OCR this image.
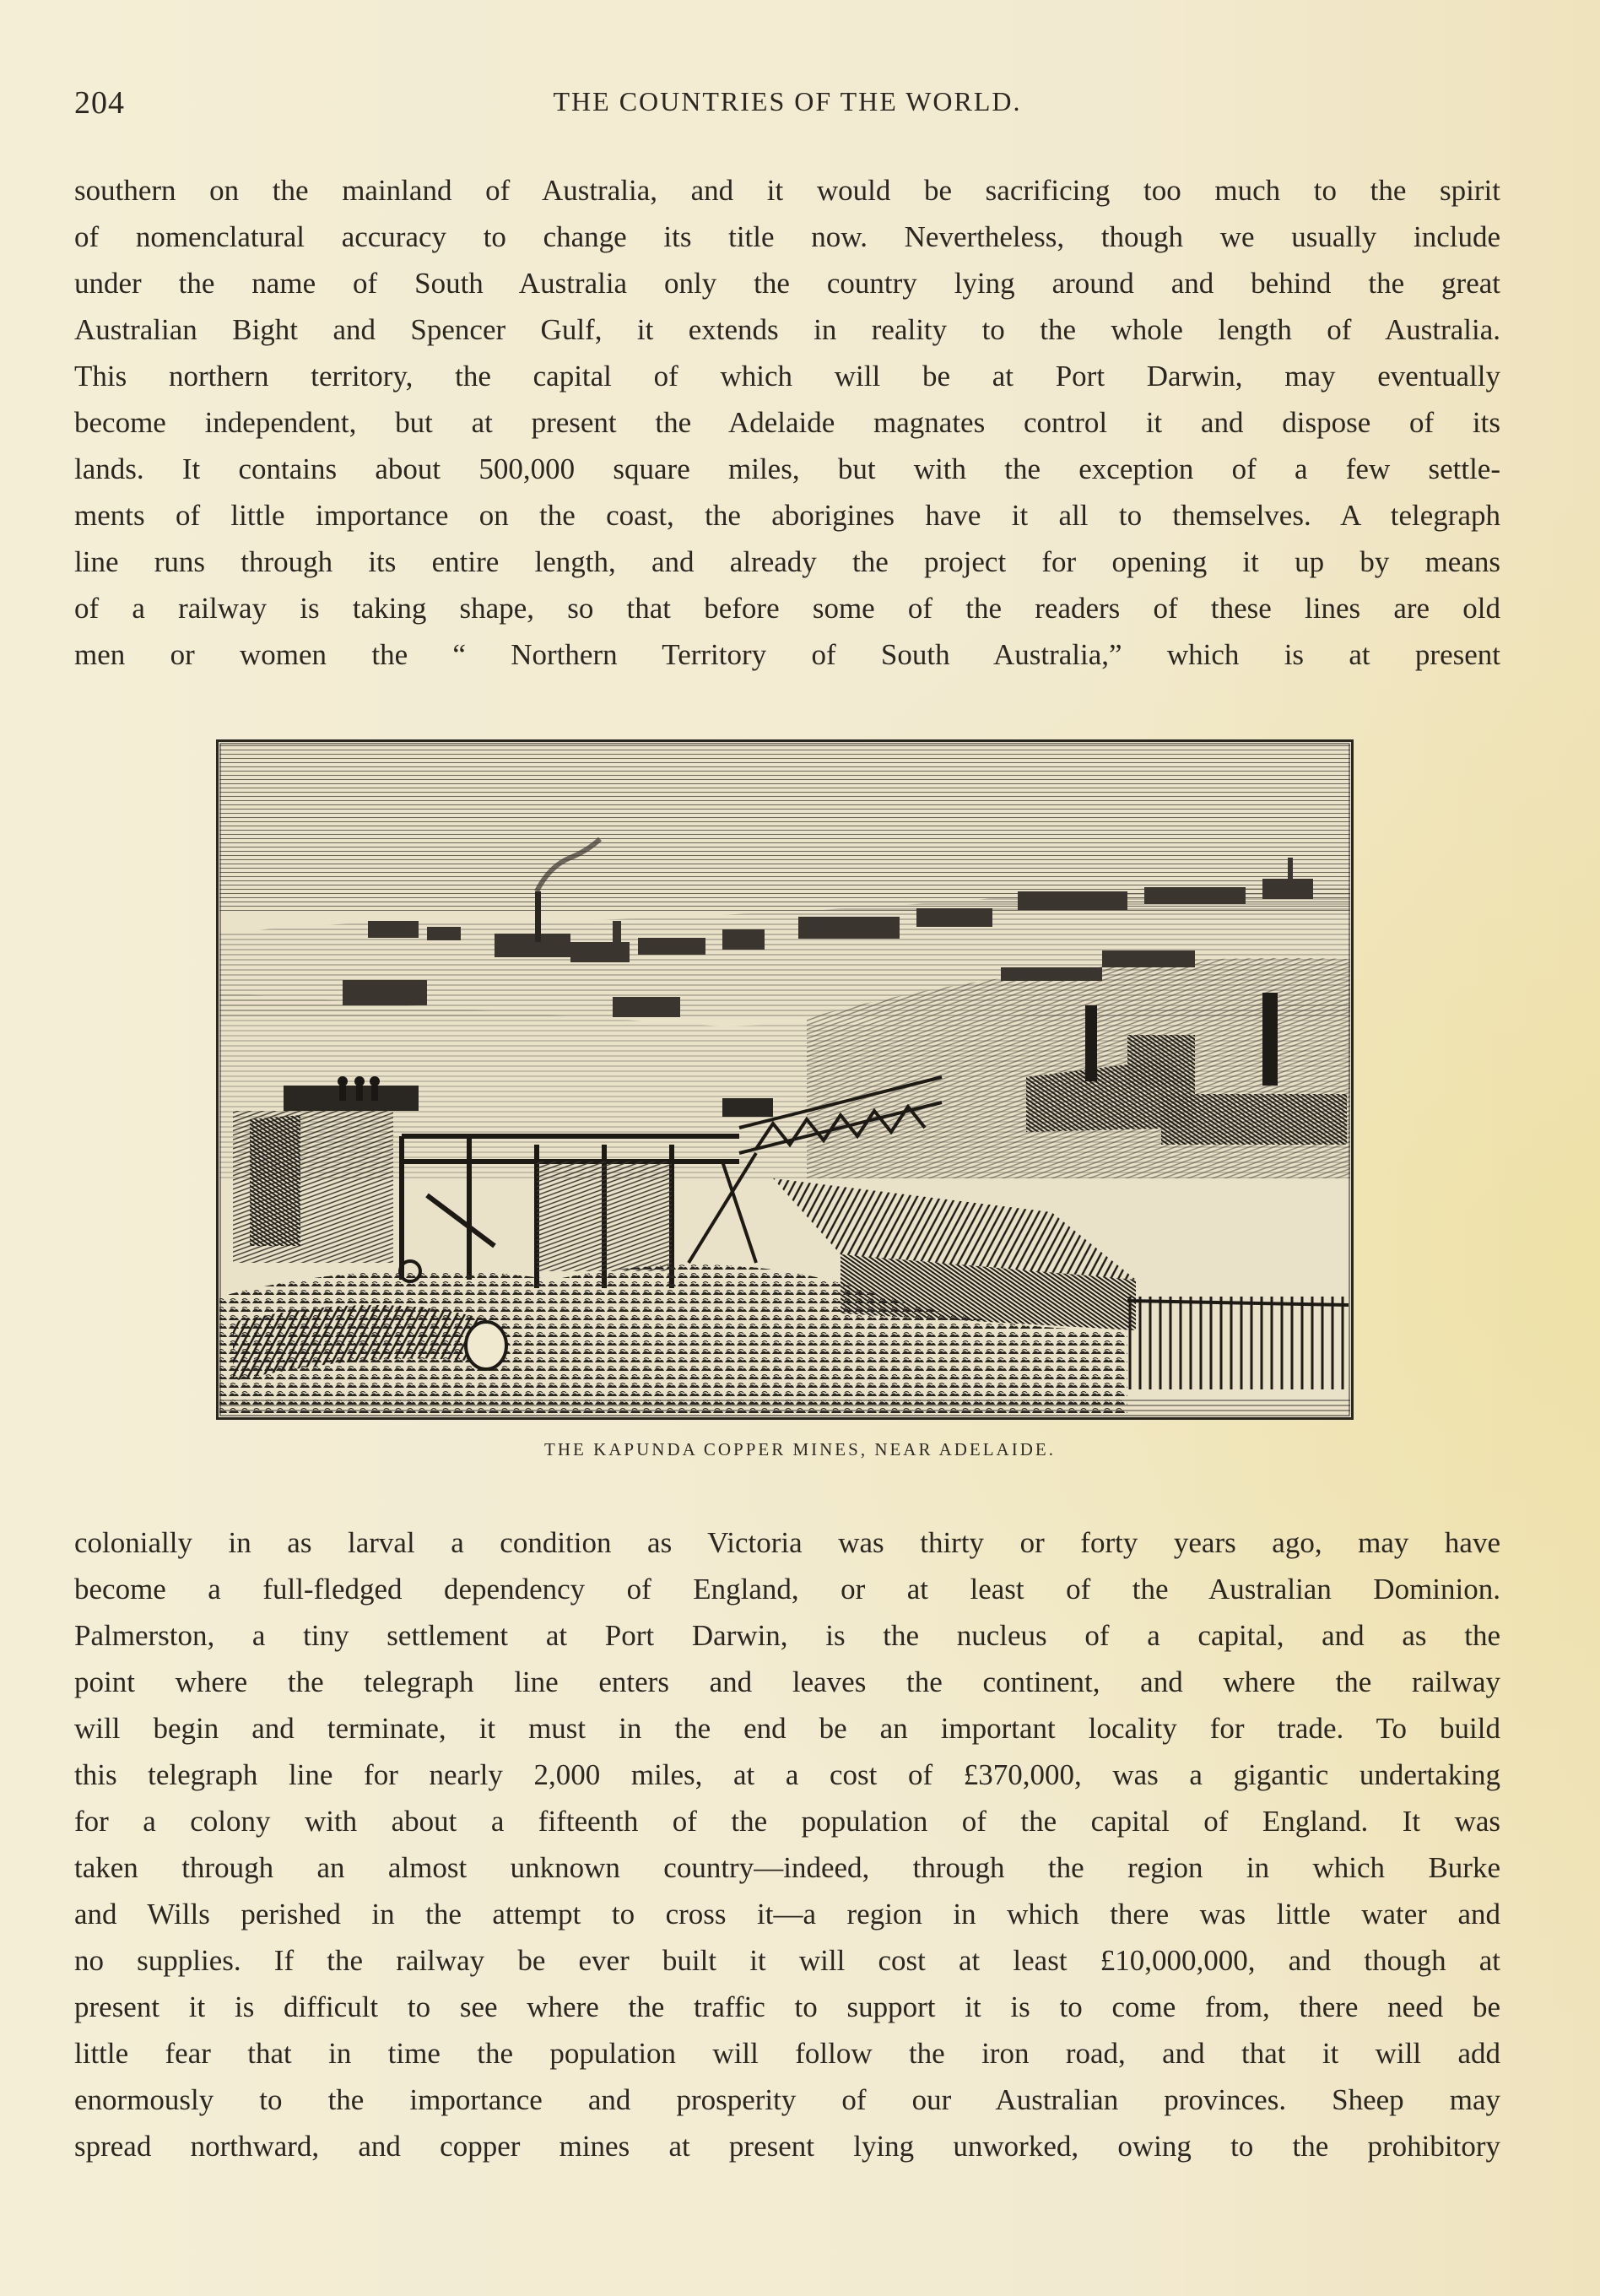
204	THE COUNTRIES OF THE WORLD.
southern on the mainland of Australia, and it would be sacrificing too much to the spirit
of nomenclatural accuracy to change its title now. Nevertheless, though we usually include
under the name of South Australia only the country lying around and behind the great
Australian Bight and Spencer Gulf, it extends in reality to the whole length of Australia.
This northern territory, the capital of which will be at Port Darwin, may eventually
become independent, but at present the Adelaide magnates control it and dispose of its
lands. It contains about 500,000 square miles, but with the exception of a few settle-
ments of little importance on the coast, the aborigines have it all to themselves. A telegraph
line runs through its entire length, and already the project for opening it up by means
of a railway is taking shape, so that before some of the readers of these lines are old
men or women the “ Northern Territory of South Australia,” which is at present
THE KAPUNDA COPPER MINES, NEAR ADELAIDE.
colonially in as larval a condition as Victoria was thirty or forty years ago, may have
become a full-fledged dependency of England, or at least of the Australian Dominion.
Palmerston, a tiny settlement at Port Darwin, is the nucleus of a capital, and as the
point where the telegraph line enters and leaves the continent, and where the railway
will begin and terminate, it must in the end be an important locality for trade. To build
this telegraph line for nearly 2,000 miles, at a cost of £370,000, was a gigantic undertaking
for a colony with about a fifteenth of the population of the capital of England. It was
taken through an almost unknown country—indeed, through the region in which Burke
and Wills perished in the attempt to cross it—a region in which there was little water and
no supplies. If the railway be ever built it will cost at least £10,000,000, and though at
present it is difficult to see where the traffic to support it is to come from, there need be
little fear that in time the population will follow the iron road, and that it will add
enormously to the importance and prosperity of our Australian provinces. Sheep may
spread northward, and copper mines at present lying unworked, owing to the prohibitory
